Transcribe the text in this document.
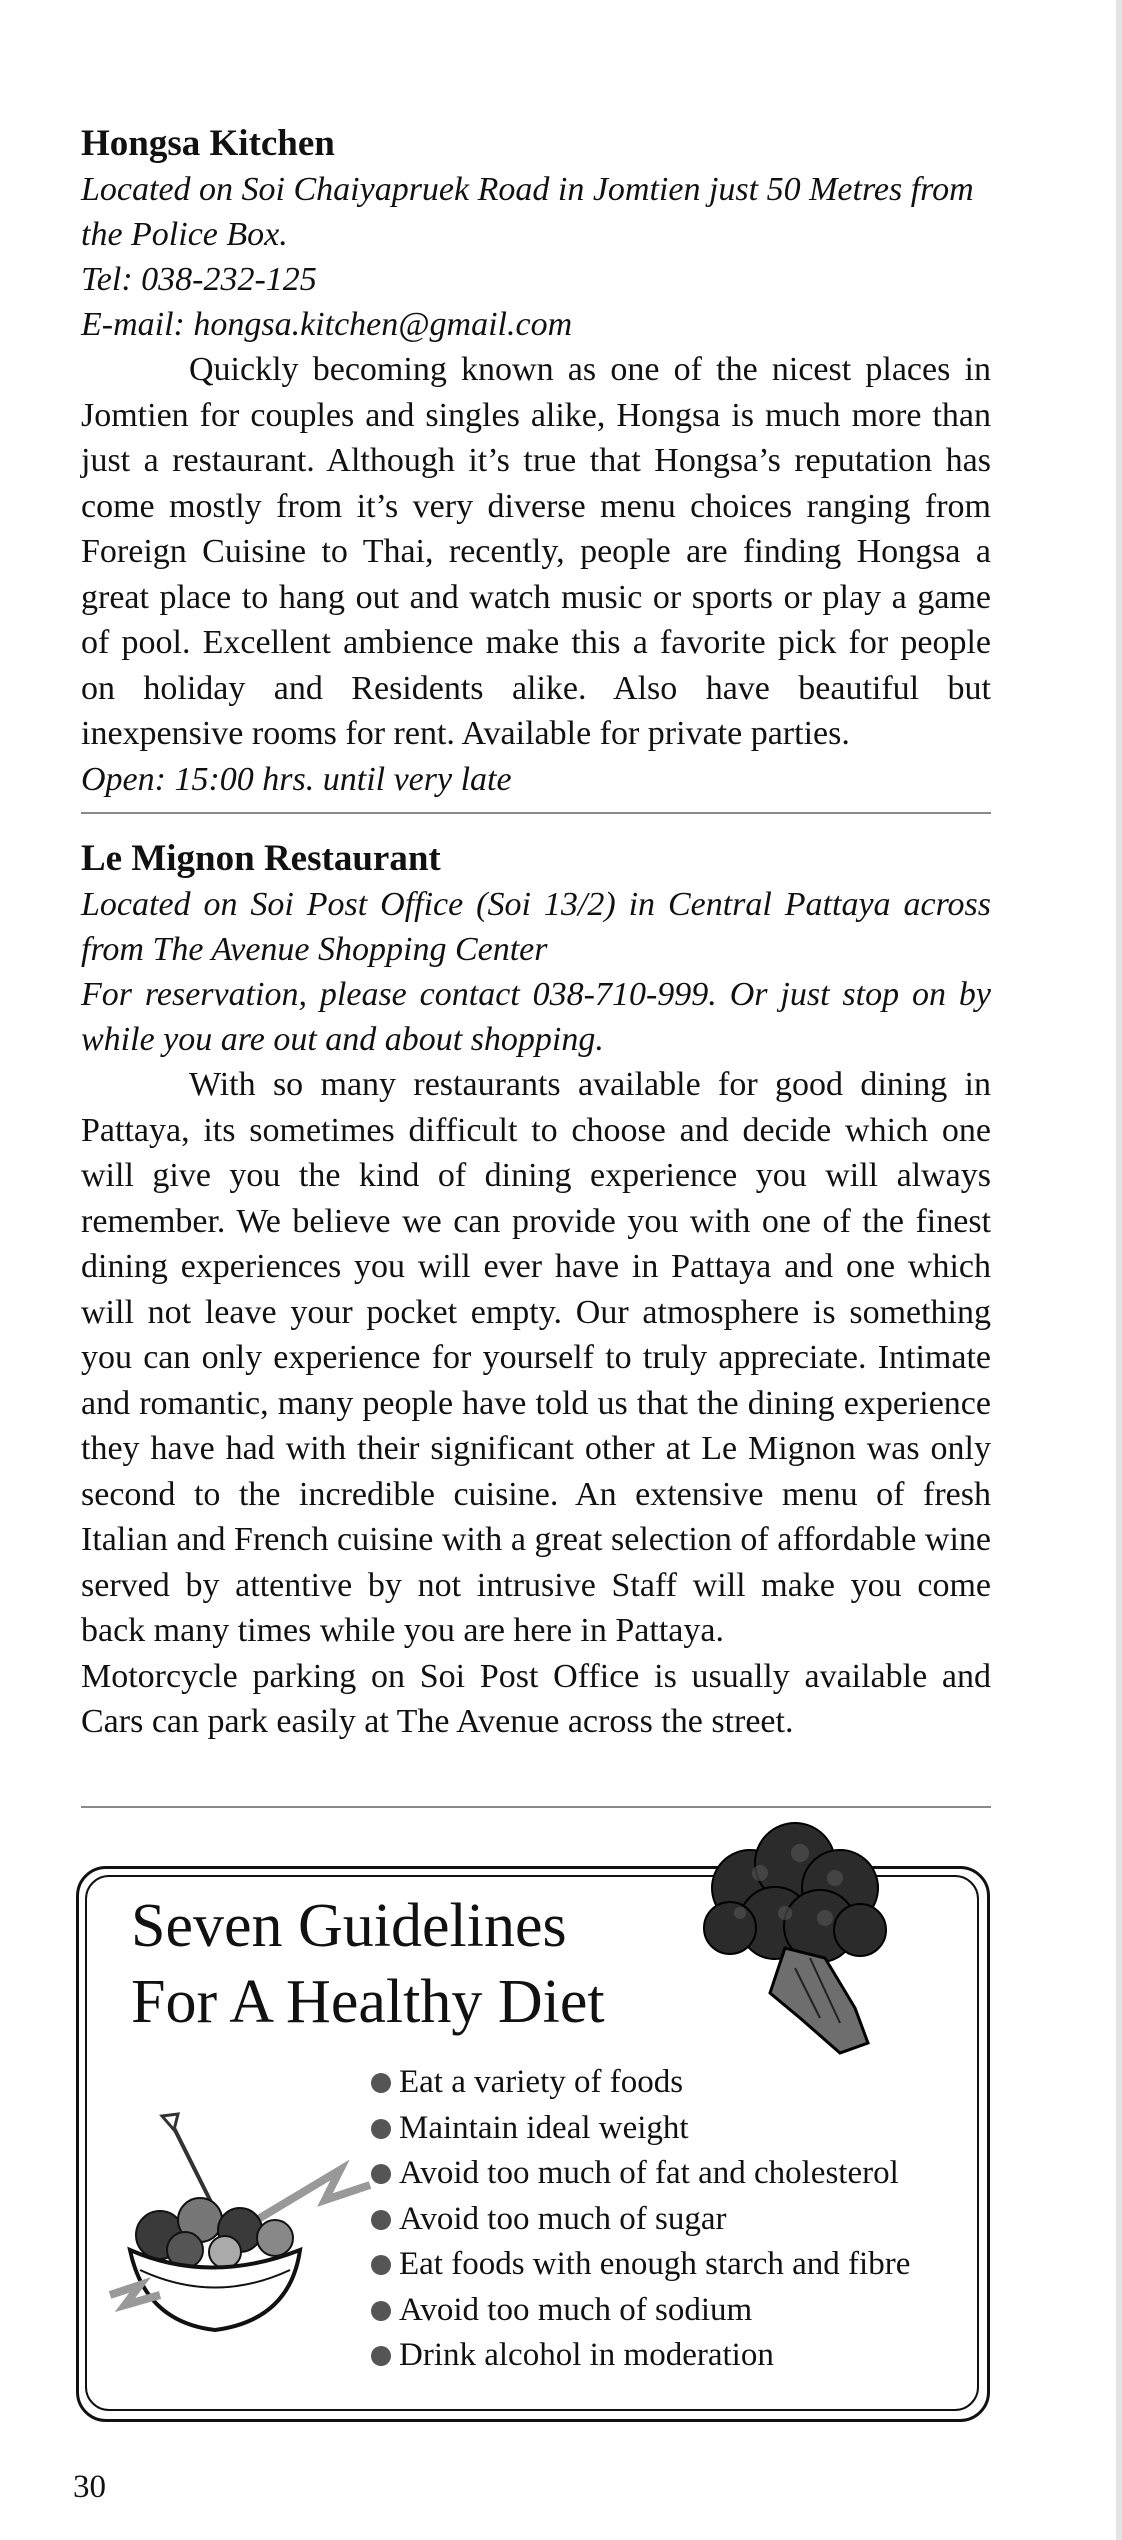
Hongsa Kitchen

Located on Soi Chaiyapruek Road in Jomtien just 50 Metres from the Police Box.

Tel: 038-232-125

E-mail: hongsa.kitchen@gmail.com

Quickly becoming known as one of the nicest places in Jomtien for couples and singles alike, Hongsa is much more than just a restaurant. Although it’s true that Hongsa’s reputation has come mostly from it’s very diverse menu choices ranging from Foreign Cuisine to Thai, recently, people are finding Hongsa a great place to hang out and watch music or sports or play a game of pool. Excellent ambience make this a favorite pick for people on holiday and Residents alike. Also have beautiful but inexpensive rooms for rent. Available for private parties.

Open: 15:00 hrs. until very late

Le Mignon Restaurant

Located on Soi Post Office (Soi 13/2) in Central Pattaya across from The Avenue Shopping Center

For reservation, please contact 038-710-999. Or just stop on by while you are out and about shopping.

With so many restaurants available for good dining in Pattaya, its sometimes difficult to choose and decide which one will give you the kind of dining experience you will always remember. We believe we can provide you with one of the finest dining experiences you will ever have in Pattaya and one which will not leave your pocket empty. Our atmosphere is something you can only experience for yourself to truly appreciate. Intimate and romantic, many people have told us that the dining experience they have had with their significant other at Le Mignon was only second to the incredible cuisine. An extensive menu of fresh Italian and French cuisine with a great selection of affordable wine served by attentive by not intrusive Staff will make you come back many times while you are here in Pattaya.

Motorcycle parking on Soi Post Office is usually available and Cars can park easily at The Avenue across the street.

Seven Guidelines
For A Healthy Diet
Eat a variety of foods
Maintain ideal weight
Avoid too much of fat and cholesterol
Avoid too much of sugar
Eat foods with enough starch and fibre
Avoid too much of sodium
Drink alcohol in moderation

30
